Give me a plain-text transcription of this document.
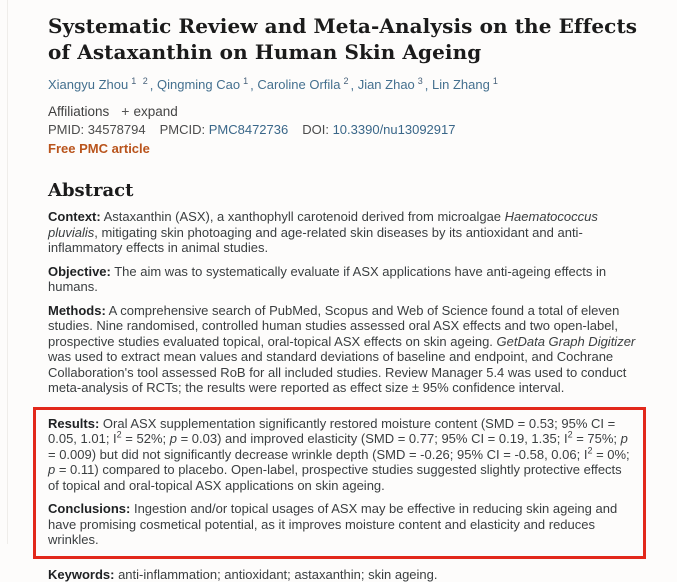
Systematic Review and Meta-Analysis on the Effects of Astaxanthin on Human Skin Ageing
Xiangyu Zhou $^{1 2}$, Qingming Cao $^1$, Caroline Orfila $^2$, Jian Zhao $^3$, Lin Zhang $^1$
Affiliations + expand
PMID: 34578794 PMCID: PMC8472736 DOI: 10.3390/nu13092917
Free PMC article
Abstract

Context: Astaxanthin (ASX), a xanthophyll carotenoid derived from microalgae Haematococcus pluvialis, mitigating skin photoaging and age-related skin diseases by its antioxidant and anti-inflammatory effects in animal studies.

Objective: The aim was to systematically evaluate if ASX applications have anti-ageing effects in humans.

Methods: A comprehensive search of PubMed, Scopus and Web of Science found a total of eleven studies. Nine randomised, controlled human studies assessed oral ASX effects and two open-label, prospective studies evaluated topical, oral-topical ASX effects on skin ageing. GetData Graph Digitizer was used to extract mean values and standard deviations of baseline and endpoint, and Cochrane Collaboration's tool assessed RoB for all included studies. Review Manager 5.4 was used to conduct meta-analysis of RCTs; the results were reported as effect size ± 95% confidence interval.

Results: Oral ASX supplementation significantly restored moisture content (SMD = 0.53; 95% CI = 0.05, 1.01; $I^2 = 52\%$; p = 0.03) and improved elasticity (SMD = 0.77; 95% CI = 0.19, 1.35; $I^2 = 75\%$; p = 0.009) but did not significantly decrease wrinkle depth (SMD = -0.26; 95% CI = -0.58, 0.06; $I^2 = 0\%$; p = 0.11) compared to placebo. Open-label, prospective studies suggested slightly protective effects of topical and oral-topical ASX applications on skin ageing.

Conclusions: Ingestion and/or topical usages of ASX may be effective in reducing skin ageing and have promising cosmetical potential, as it improves moisture content and elasticity and reduces wrinkles.

Keywords: anti-inflammation; antioxidant; astaxanthin; skin ageing.
